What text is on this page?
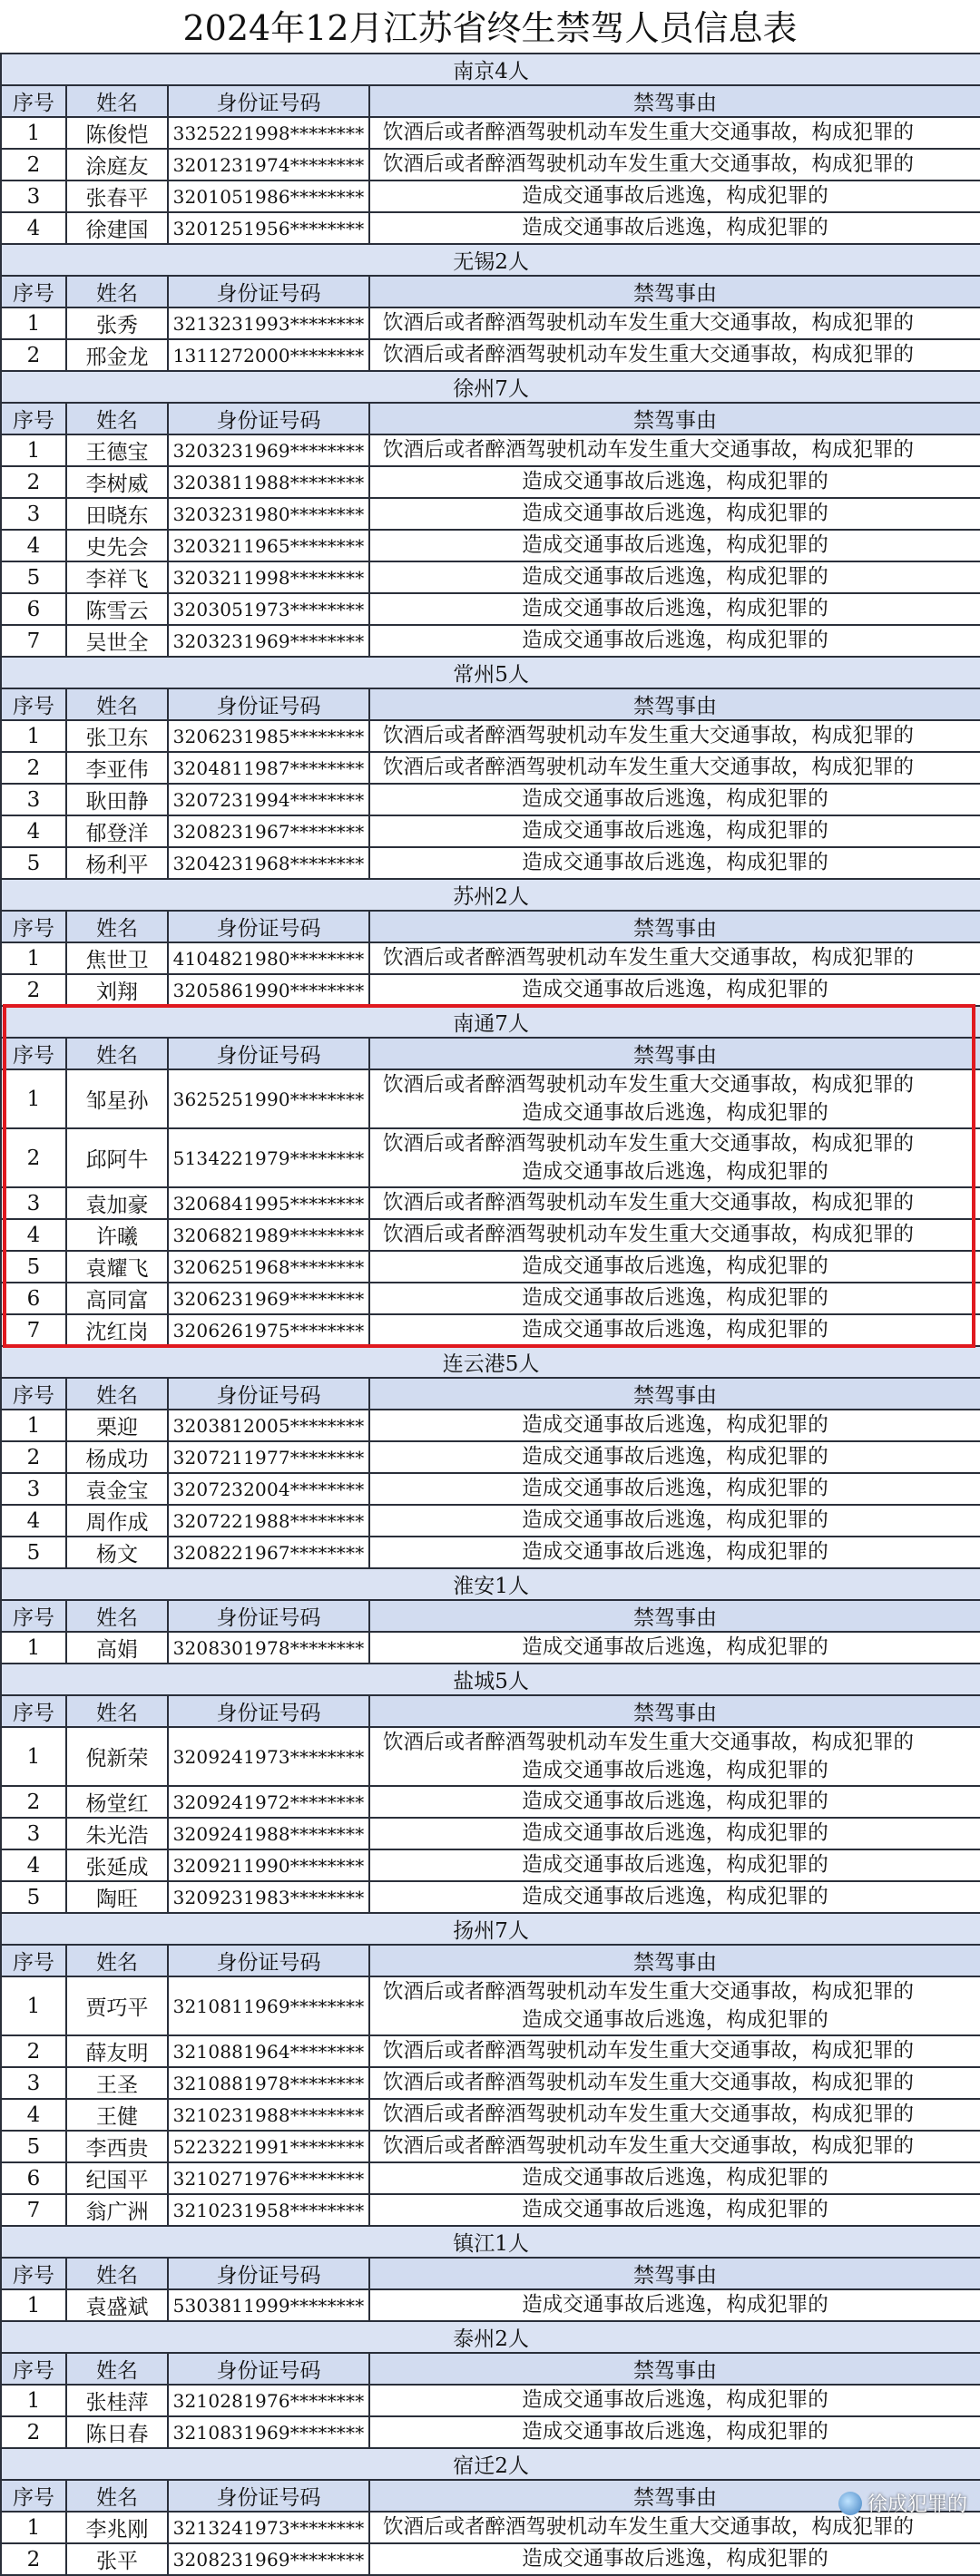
2024年12月江苏省终生禁驾人员信息表
南京4人			
序号	姓名	身份证号码	禁驾事由
1	陈俊恺	3325221998********	饮酒后或者醉酒驾驶机动车发生重大交通事故，构成犯罪的

2	涂庭友	3201231974********	饮酒后或者醉酒驾驶机动车发生重大交通事故，构成犯罪的

3	张春平	3201051986********	造成交通事故后逃逸，构成犯罪的

4	徐建国	3201251956********	造成交通事故后逃逸，构成犯罪的

无锡2人			
序号	姓名	身份证号码	禁驾事由
1	张秀	3213231993********	饮酒后或者醉酒驾驶机动车发生重大交通事故，构成犯罪的

2	邢金龙	1311272000********	饮酒后或者醉酒驾驶机动车发生重大交通事故，构成犯罪的

徐州7人			
序号	姓名	身份证号码	禁驾事由
1	王德宝	3203231969********	饮酒后或者醉酒驾驶机动车发生重大交通事故，构成犯罪的

2	李树威	3203811988********	造成交通事故后逃逸，构成犯罪的

3	田晓东	3203231980********	造成交通事故后逃逸，构成犯罪的

4	史先会	3203211965********	造成交通事故后逃逸，构成犯罪的

5	李祥飞	3203211998********	造成交通事故后逃逸，构成犯罪的

6	陈雪云	3203051973********	造成交通事故后逃逸，构成犯罪的

7	吴世全	3203231969********	造成交通事故后逃逸，构成犯罪的

常州5人			
序号	姓名	身份证号码	禁驾事由
1	张卫东	3206231985********	饮酒后或者醉酒驾驶机动车发生重大交通事故，构成犯罪的

2	李亚伟	3204811987********	饮酒后或者醉酒驾驶机动车发生重大交通事故，构成犯罪的

3	耿田静	3207231994********	造成交通事故后逃逸，构成犯罪的

4	郁登洋	3208231967********	造成交通事故后逃逸，构成犯罪的

5	杨利平	3204231968********	造成交通事故后逃逸，构成犯罪的

苏州2人			
序号	姓名	身份证号码	禁驾事由
1	焦世卫	4104821980********	饮酒后或者醉酒驾驶机动车发生重大交通事故，构成犯罪的

2	刘翔	3205861990********	造成交通事故后逃逸，构成犯罪的

南通7人			
序号	姓名	身份证号码	禁驾事由
1	邹星孙	3625251990********	饮酒后或者醉酒驾驶机动车发生重大交通事故，构成犯罪的
造成交通事故后逃逸，构成犯罪的

2	邱阿牛	5134221979********	饮酒后或者醉酒驾驶机动车发生重大交通事故，构成犯罪的
造成交通事故后逃逸，构成犯罪的

3	袁加豪	3206841995********	饮酒后或者醉酒驾驶机动车发生重大交通事故，构成犯罪的

4	许曦	3206821989********	饮酒后或者醉酒驾驶机动车发生重大交通事故，构成犯罪的

5	袁耀飞	3206251968********	造成交通事故后逃逸，构成犯罪的

6	高同富	3206231969********	造成交通事故后逃逸，构成犯罪的

7	沈红岗	3206261975********	造成交通事故后逃逸，构成犯罪的

连云港5人			
序号	姓名	身份证号码	禁驾事由
1	栗迎	3203812005********	造成交通事故后逃逸，构成犯罪的

2	杨成功	3207211977********	造成交通事故后逃逸，构成犯罪的

3	袁金宝	3207232004********	造成交通事故后逃逸，构成犯罪的

4	周作成	3207221988********	造成交通事故后逃逸，构成犯罪的

5	杨文	3208221967********	造成交通事故后逃逸，构成犯罪的

淮安1人			
序号	姓名	身份证号码	禁驾事由
1	高娟	3208301978********	造成交通事故后逃逸，构成犯罪的

盐城5人			
序号	姓名	身份证号码	禁驾事由
1	倪新荣	3209241973********	饮酒后或者醉酒驾驶机动车发生重大交通事故，构成犯罪的
造成交通事故后逃逸，构成犯罪的

2	杨堂红	3209241972********	造成交通事故后逃逸，构成犯罪的

3	朱光浩	3209241988********	造成交通事故后逃逸，构成犯罪的

4	张延成	3209211990********	造成交通事故后逃逸，构成犯罪的

5	陶旺	3209231983********	造成交通事故后逃逸，构成犯罪的

扬州7人			
序号	姓名	身份证号码	禁驾事由
1	贾巧平	3210811969********	饮酒后或者醉酒驾驶机动车发生重大交通事故，构成犯罪的
造成交通事故后逃逸，构成犯罪的

2	薛友明	3210881964********	饮酒后或者醉酒驾驶机动车发生重大交通事故，构成犯罪的

3	王圣	3210881978********	饮酒后或者醉酒驾驶机动车发生重大交通事故，构成犯罪的

4	王健	3210231988********	饮酒后或者醉酒驾驶机动车发生重大交通事故，构成犯罪的

5	李西贵	5223221991********	饮酒后或者醉酒驾驶机动车发生重大交通事故，构成犯罪的

6	纪国平	3210271976********	造成交通事故后逃逸，构成犯罪的

7	翁广洲	3210231958********	造成交通事故后逃逸，构成犯罪的

镇江1人			
序号	姓名	身份证号码	禁驾事由
1	袁盛斌	5303811999********	造成交通事故后逃逸，构成犯罪的

泰州2人			
序号	姓名	身份证号码	禁驾事由
1	张桂萍	3210281976********	造成交通事故后逃逸，构成犯罪的

2	陈日春	3210831969********	造成交通事故后逃逸，构成犯罪的

宿迁2人			
序号	姓名	身份证号码	禁驾事由
1	李兆刚	3213241973********	饮酒后或者醉酒驾驶机动车发生重大交通事故，构成犯罪的

2	张平	3208231969********	造成交通事故后逃逸，构成犯罪的	徐成犯罪的
